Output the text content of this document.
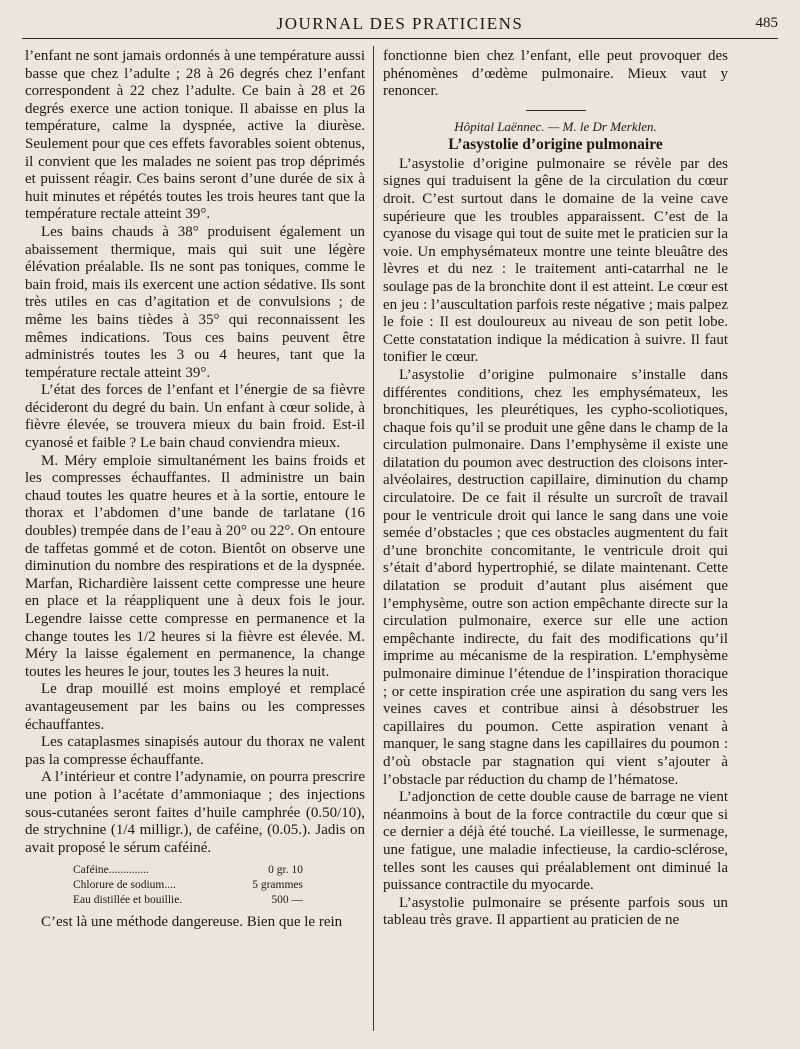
JOURNAL DES PRATICIENS	485

l’enfant ne sont jamais ordonnés à une température aussi basse que chez l’adulte ; 28 à 26 degrés chez l’enfant correspondent à 22 chez l’adulte. Ce bain à 28 et 26 degrés exerce une action tonique. Il abaisse en plus la température, calme la dyspnée, active la diurèse. Seulement pour que ces effets favorables soient obtenus, il convient que les malades ne soient pas trop déprimés et puissent réagir. Ces bains seront d’une durée de six à huit minutes et répétés toutes les trois heures tant que la température rectale atteint 39°.

Les bains chauds à 38° produisent également un abaissement thermique, mais qui suit une légère élévation préalable. Ils ne sont pas toniques, comme le bain froid, mais ils exercent une action sédative. Ils sont très utiles en cas d’agitation et de convulsions ; de même les bains tièdes à 35° qui reconnaissent les mêmes indications. Tous ces bains peuvent être administrés toutes les 3 ou 4 heures, tant que la température rectale atteint 39°.

L’état des forces de l’enfant et l’énergie de sa fièvre décideront du degré du bain. Un enfant à cœur solide, à fièvre élevée, se trouvera mieux du bain froid. Est-il cyanosé et faible ? Le bain chaud conviendra mieux.

M. Méry emploie simultanément les bains froids et les compresses échauffantes. Il administre un bain chaud toutes les quatre heures et à la sortie, entoure le thorax et l’abdomen d’une bande de tarlatane (16 doubles) trempée dans de l’eau à 20° ou 22°. On entoure de taffetas gommé et de coton. Bientôt on observe une diminution du nombre des respirations et de la dyspnée. Marfan, Richardière laissent cette compresse une heure en place et la réappliquent une à deux fois le jour. Legendre laisse cette compresse en permanence et la change toutes les 1/2 heures si la fièvre est élevée. M. Méry la laisse également en permanence, la change toutes les heures le jour, toutes les 3 heures la nuit.

Le drap mouillé est moins employé et remplacé avantageusement par les bains ou les compresses échauffantes.

Les cataplasmes sinapisés autour du thorax ne valent pas la compresse échauffante.

A l’intérieur et contre l’adynamie, on pourra prescrire une potion à l’acétate d’ammoniaque ; des injections sous-cutanées seront faites d’huile camphrée (0.50/10), de strychnine (1/4 milligr.), de caféine, (0.05.). Jadis on avait proposé le sérum caféiné.

Caféine..............	0 gr. 10
Chlorure de sodium....	5 grammes
Eau distillée et bouillie.	500 —

C’est là une méthode dangereuse. Bien que le rein

fonctionne bien chez l’enfant, elle peut provoquer des phénomènes d’œdème pulmonaire. Mieux vaut y renoncer.

Hôpital Laënnec. — M. le Dr Merklen.
L’asystolie d’origine pulmonaire

L’asystolie d’origine pulmonaire se révèle par des signes qui traduisent la gêne de la circulation du cœur droit. C’est surtout dans le domaine de la veine cave supérieure que les troubles apparaissent. C’est de la cyanose du visage qui tout de suite met le praticien sur la voie. Un emphysémateux montre une teinte bleuâtre des lèvres et du nez : le traitement anti-catarrhal ne le soulage pas de la bronchite dont il est atteint. Le cœur est en jeu : l’auscultation parfois reste négative ; mais palpez le foie : Il est douloureux au niveau de son petit lobe. Cette constatation indique la médication à suivre. Il faut tonifier le cœur.

L’asystolie d’origine pulmonaire s’installe dans différentes conditions, chez les emphysémateux, les bronchitiques, les pleurétiques, les cypho-scoliotiques, chaque fois qu’il se produit une gêne dans le champ de la circulation pulmonaire. Dans l’emphysème il existe une dilatation du poumon avec destruction des cloisons inter-alvéolaires, destruction capillaire, diminution du champ circulatoire. De ce fait il résulte un surcroît de travail pour le ventricule droit qui lance le sang dans une voie semée d’obstacles ; que ces obstacles augmentent du fait d’une bronchite concomitante, le ventricule droit qui s’était d’abord hypertrophié, se dilate maintenant. Cette dilatation se produit d’autant plus aisément que l’emphysème, outre son action empêchante directe sur la circulation pulmonaire, exerce sur elle une action empêchante indirecte, du fait des modifications qu’il imprime au mécanisme de la respiration. L’emphysème pulmonaire diminue l’étendue de l’inspiration thoracique ; or cette inspiration crée une aspiration du sang vers les veines caves et contribue ainsi à désobstruer les capillaires du poumon. Cette aspiration venant à manquer, le sang stagne dans les capillaires du poumon : d’où obstacle par stagnation qui vient s’ajouter à l’obstacle par réduction du champ de l’hématose.

L’adjonction de cette double cause de barrage ne vient néanmoins à bout de la force contractile du cœur que si ce dernier a déjà été touché. La vieillesse, le surmenage, une fatigue, une maladie infectieuse, la cardio-sclérose, telles sont les causes qui préalablement ont diminué la puissance contractile du myocarde.

L’asystolie pulmonaire se présente parfois sous un tableau très grave. Il appartient au praticien de ne
